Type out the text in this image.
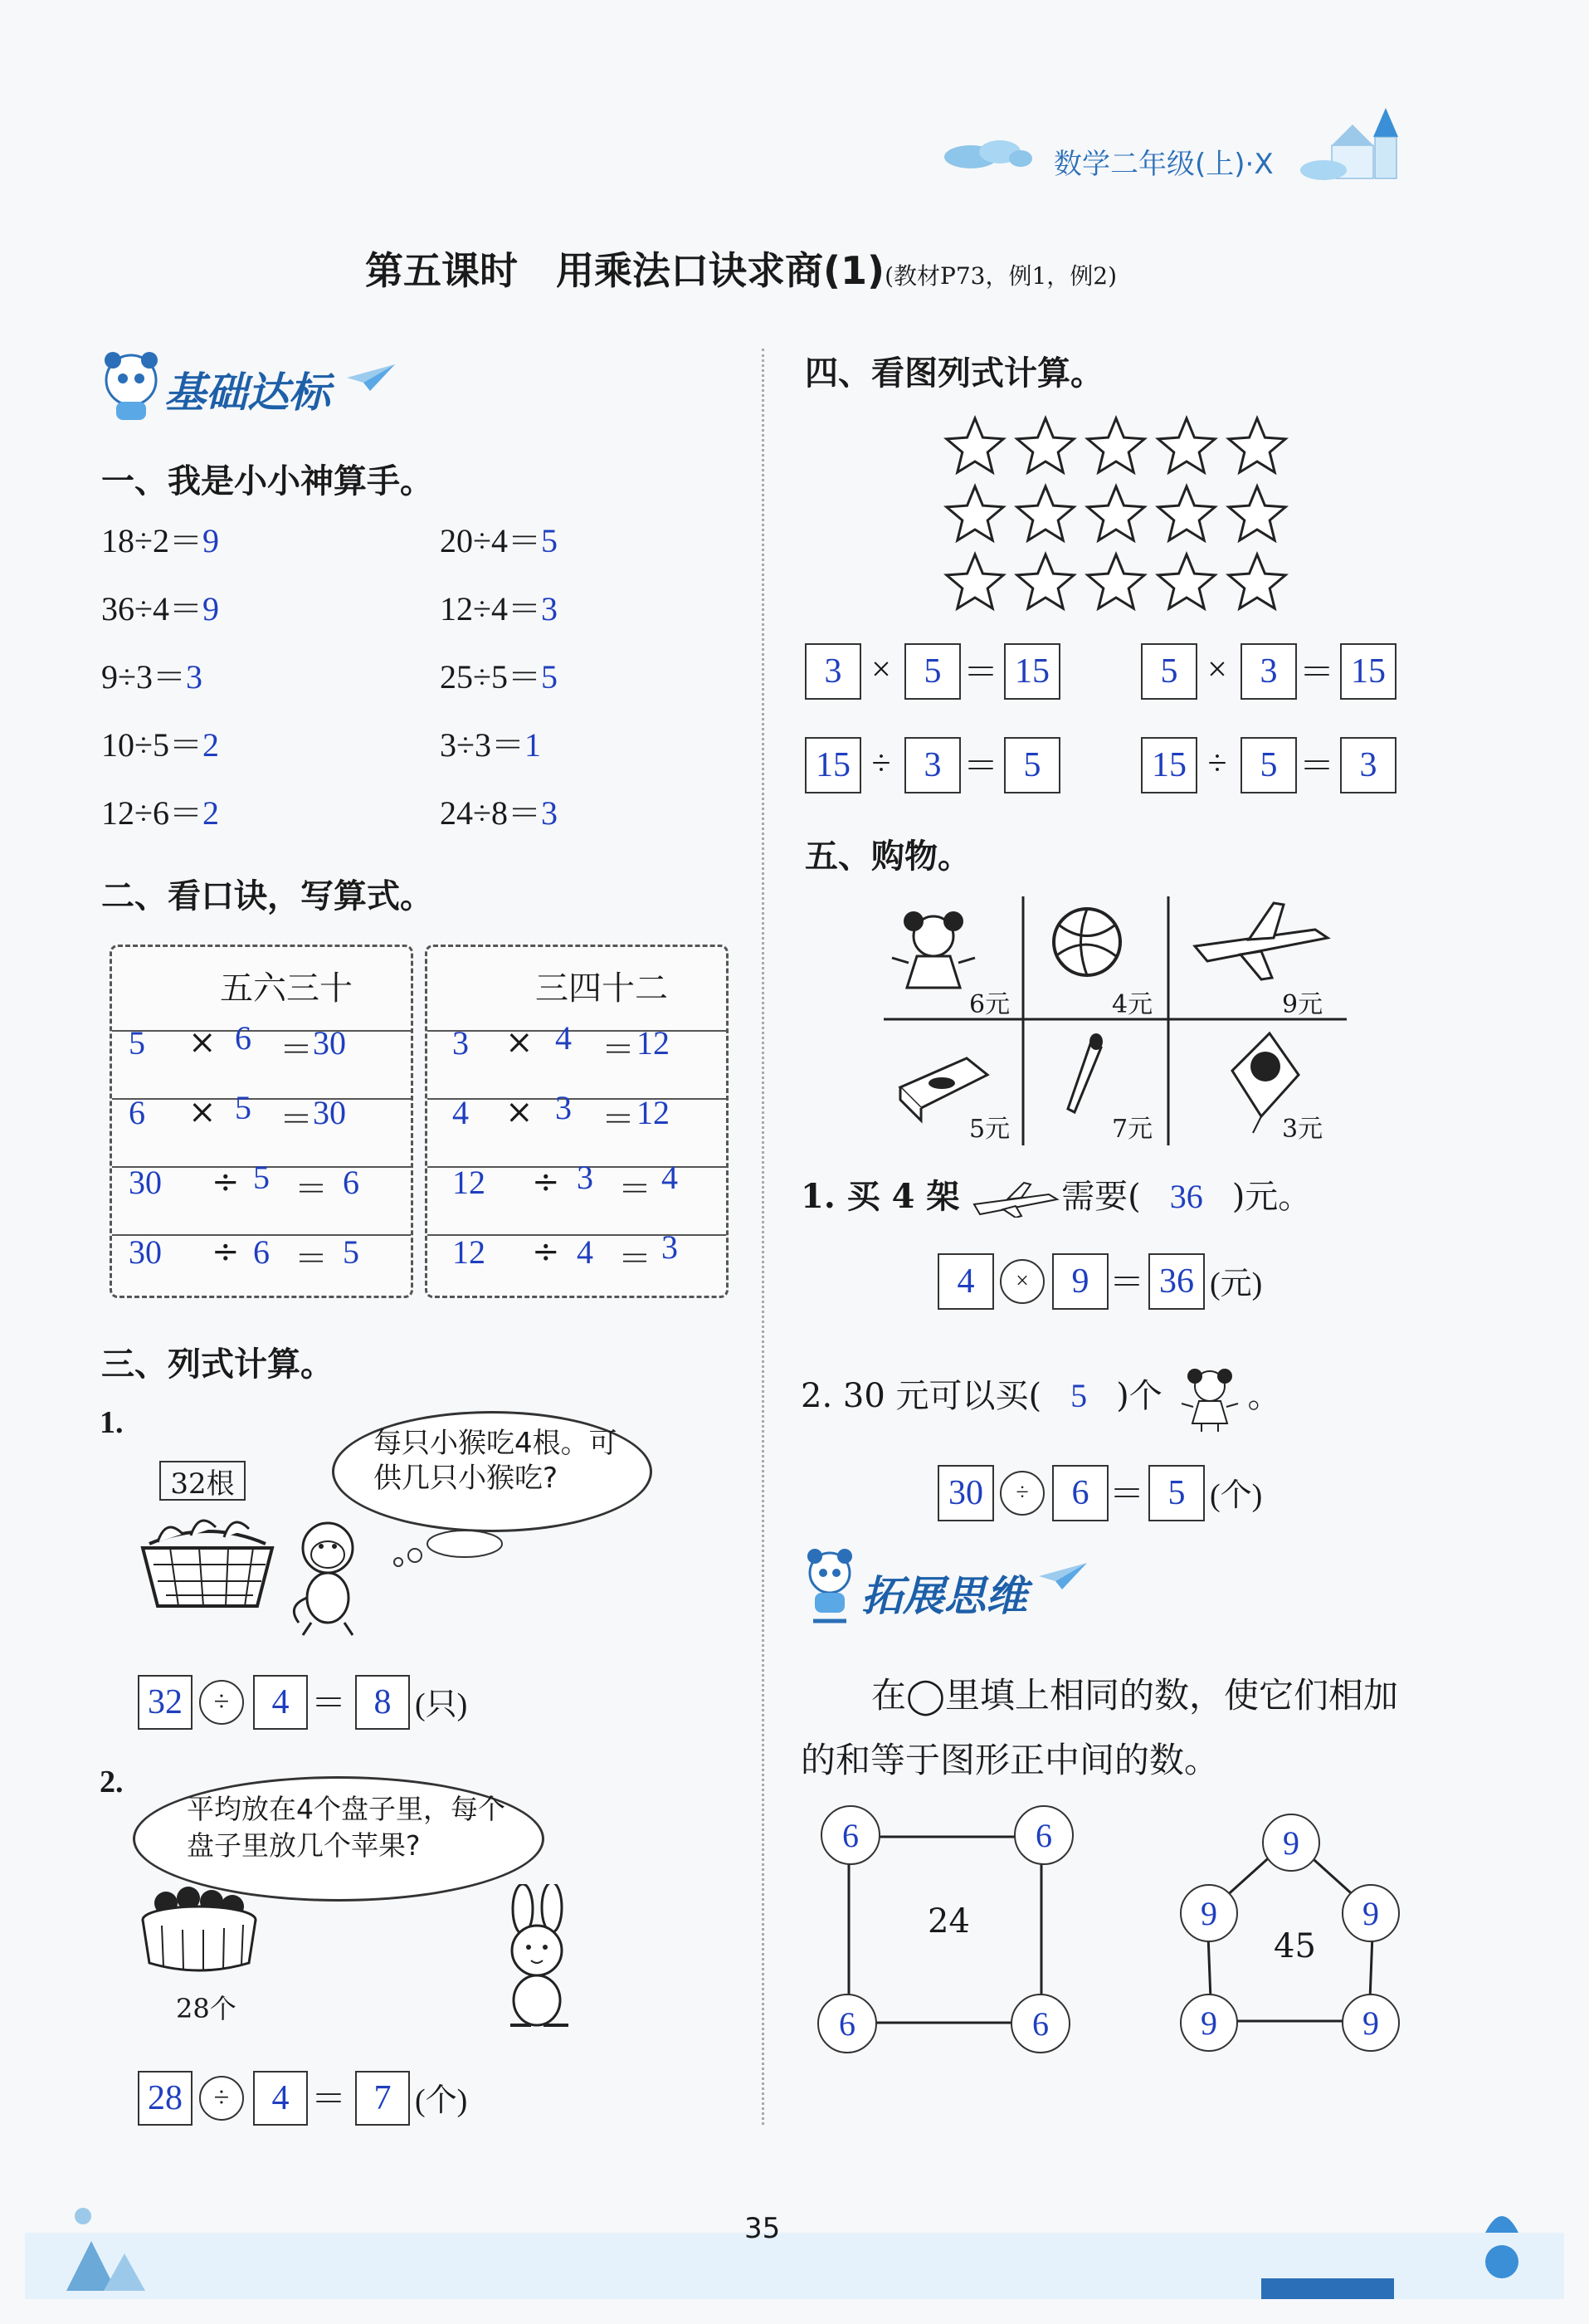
数学二年级(上)·X
第五课时　用乘法口诀求商(1)(教材P73，例1，例2)
基础达标
一、我是小小神算手。
18÷2＝9
36÷4＝9
9÷3＝3
10÷5＝2
12÷6＝2
20÷4＝5
12÷4＝3
25÷5＝5
3÷3＝1
24÷8＝3
二、看口诀，写算式。
五六三十
5 × 6 ＝ 30
6 × 5 ＝ 30
30 ÷ 5 ＝ 6
30 ÷ 6 ＝ 5
三四十二
3 × 4 ＝ 12
4 × 3 ＝ 12
12 ÷ 3 ＝ 4
12 ÷ 4 ＝ 3
三、列式计算。
1.
32根
每只小猴吃4根。可供几只小猴吃?
32	÷	4 ＝ 8 (只)
2.
平均放在4个盘子里，每个盘子里放几个苹果?
28个
28	÷	4 ＝ 7 (个)
四、看图列式计算。
3 × 5 ＝ 15	5 × 3 ＝ 15
15 ÷ 3 ＝ 5	15 ÷ 5 ＝ 3
五、购物。
6元	4元	9元
5元	7元	3元
1. 买 4 架	需要( 36 )元。
4	×	9 ＝ 36 (元)
2. 30 元可以买( 5 )个	。
30	÷	6 ＝ 5 (个)
拓展思维
在◯里填上相同的数，使它们相加
的和等于图形正中间的数。
24
6	6
6	6
45
9
9	9
9	9
35
